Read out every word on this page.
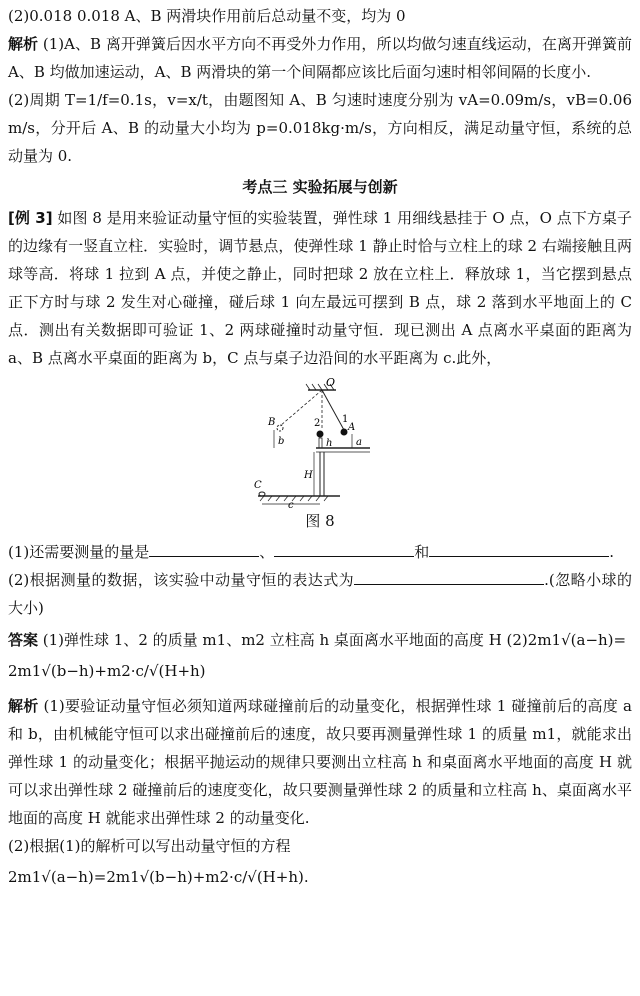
(2)0.018 0.018 A、B 两滑块作用前后总动量不变，均为 0

解析 (1)A、B 离开弹簧后因水平方向不再受外力作用，所以均做匀速直线运动，在离开弹簧前 A、B 均做加速运动，A、B 两滑块的第一个间隔都应该比后面匀速时相邻间隔的长度小.

(2)周期 T=1/f=0.1s，v=x/t，由题图知 A、B 匀速时速度分别为 vA=0.09m/s，vB=0.06 m/s，分开后 A、B 的动量大小均为 p=0.018kg·m/s，方向相反，满足动量守恒，系统的总动量为 0.

考点三 实验拓展与创新

[例 3] 如图 8 是用来验证动量守恒的实验装置，弹性球 1 用细线悬挂于 O 点，O 点下方桌子的边缘有一竖直立柱．实验时，调节悬点，使弹性球 1 静止时恰与立柱上的球 2 右端接触且两球等高．将球 1 拉到 A 点，并使之静止，同时把球 2 放在立柱上．释放球 1，当它摆到悬点正下方时与球 2 发生对心碰撞，碰后球 1 向左最远可摆到 B 点，球 2 落到水平地面上的 C 点．测出有关数据即可验证 1、2 两球碰撞时动量守恒．现已测出 A 点离水平桌面的距离为 a、B 点离水平桌面的距离为 b，C 点与桌子边沿间的水平距离为 c.此外，

O
A
1
2
B
b	a
h
H
C
c
图 8

(1)还需要测量的量是	、	和	.

(2)根据测量的数据，该实验中动量守恒的表达式为	.(忽略小球的大小)

答案 (1)弹性球 1、2 的质量 m1、m2 立柱高 h 桌面离水平地面的高度 H (2)2m1√(a−h)=

2m1√(b−h)+m2·c/√(H+h)

解析 (1)要验证动量守恒必须知道两球碰撞前后的动量变化，根据弹性球 1 碰撞前后的高度 a 和 b，由机械能守恒可以求出碰撞前后的速度，故只要再测量弹性球 1 的质量 m1，就能求出弹性球 1 的动量变化；根据平抛运动的规律只要测出立柱高 h 和桌面离水平地面的高度 H 就可以求出弹性球 2 碰撞前后的速度变化，故只要测量弹性球 2 的质量和立柱高 h、桌面离水平地面的高度 H 就能求出弹性球 2 的动量变化.

(2)根据(1)的解析可以写出动量守恒的方程

2m1√(a−h)=2m1√(b−h)+m2·c/√(H+h).
